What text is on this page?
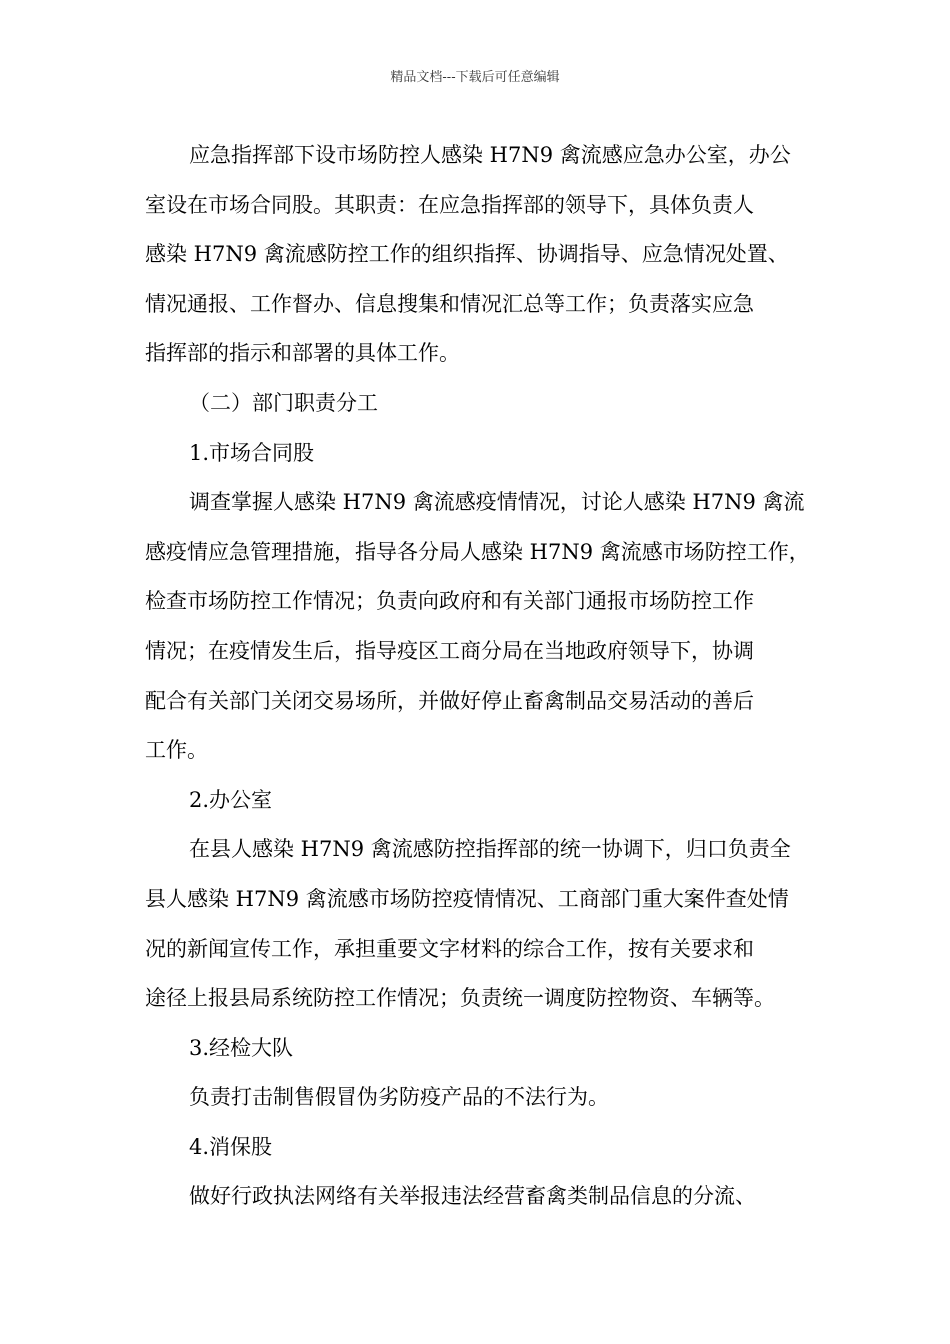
精品文档---下载后可任意编辑
应急指挥部下设市场防控人感染 H7N9 禽流感应急办公室，办公
室设在市场合同股。其职责：在应急指挥部的领导下，具体负责人
感染 H7N9 禽流感防控工作的组织指挥、协调指导、应急情况处置、
情况通报、工作督办、信息搜集和情况汇总等工作；负责落实应急
指挥部的指示和部署的具体工作。
（二）部门职责分工
1.市场合同股
调查掌握人感染 H7N9 禽流感疫情情况，讨论人感染 H7N9 禽流
感疫情应急管理措施，指导各分局人感染 H7N9 禽流感市场防控工作，
检查市场防控工作情况；负责向政府和有关部门通报市场防控工作
情况；在疫情发生后，指导疫区工商分局在当地政府领导下，协调
配合有关部门关闭交易场所，并做好停止畜禽制品交易活动的善后
工作。
2.办公室
在县人感染 H7N9 禽流感防控指挥部的统一协调下，归口负责全
县人感染 H7N9 禽流感市场防控疫情情况、工商部门重大案件查处情
况的新闻宣传工作，承担重要文字材料的综合工作，按有关要求和
途径上报县局系统防控工作情况；负责统一调度防控物资、车辆等。
3.经检大队
负责打击制售假冒伪劣防疫产品的不法行为。
4.消保股
做好行政执法网络有关举报违法经营畜禽类制品信息的分流、
